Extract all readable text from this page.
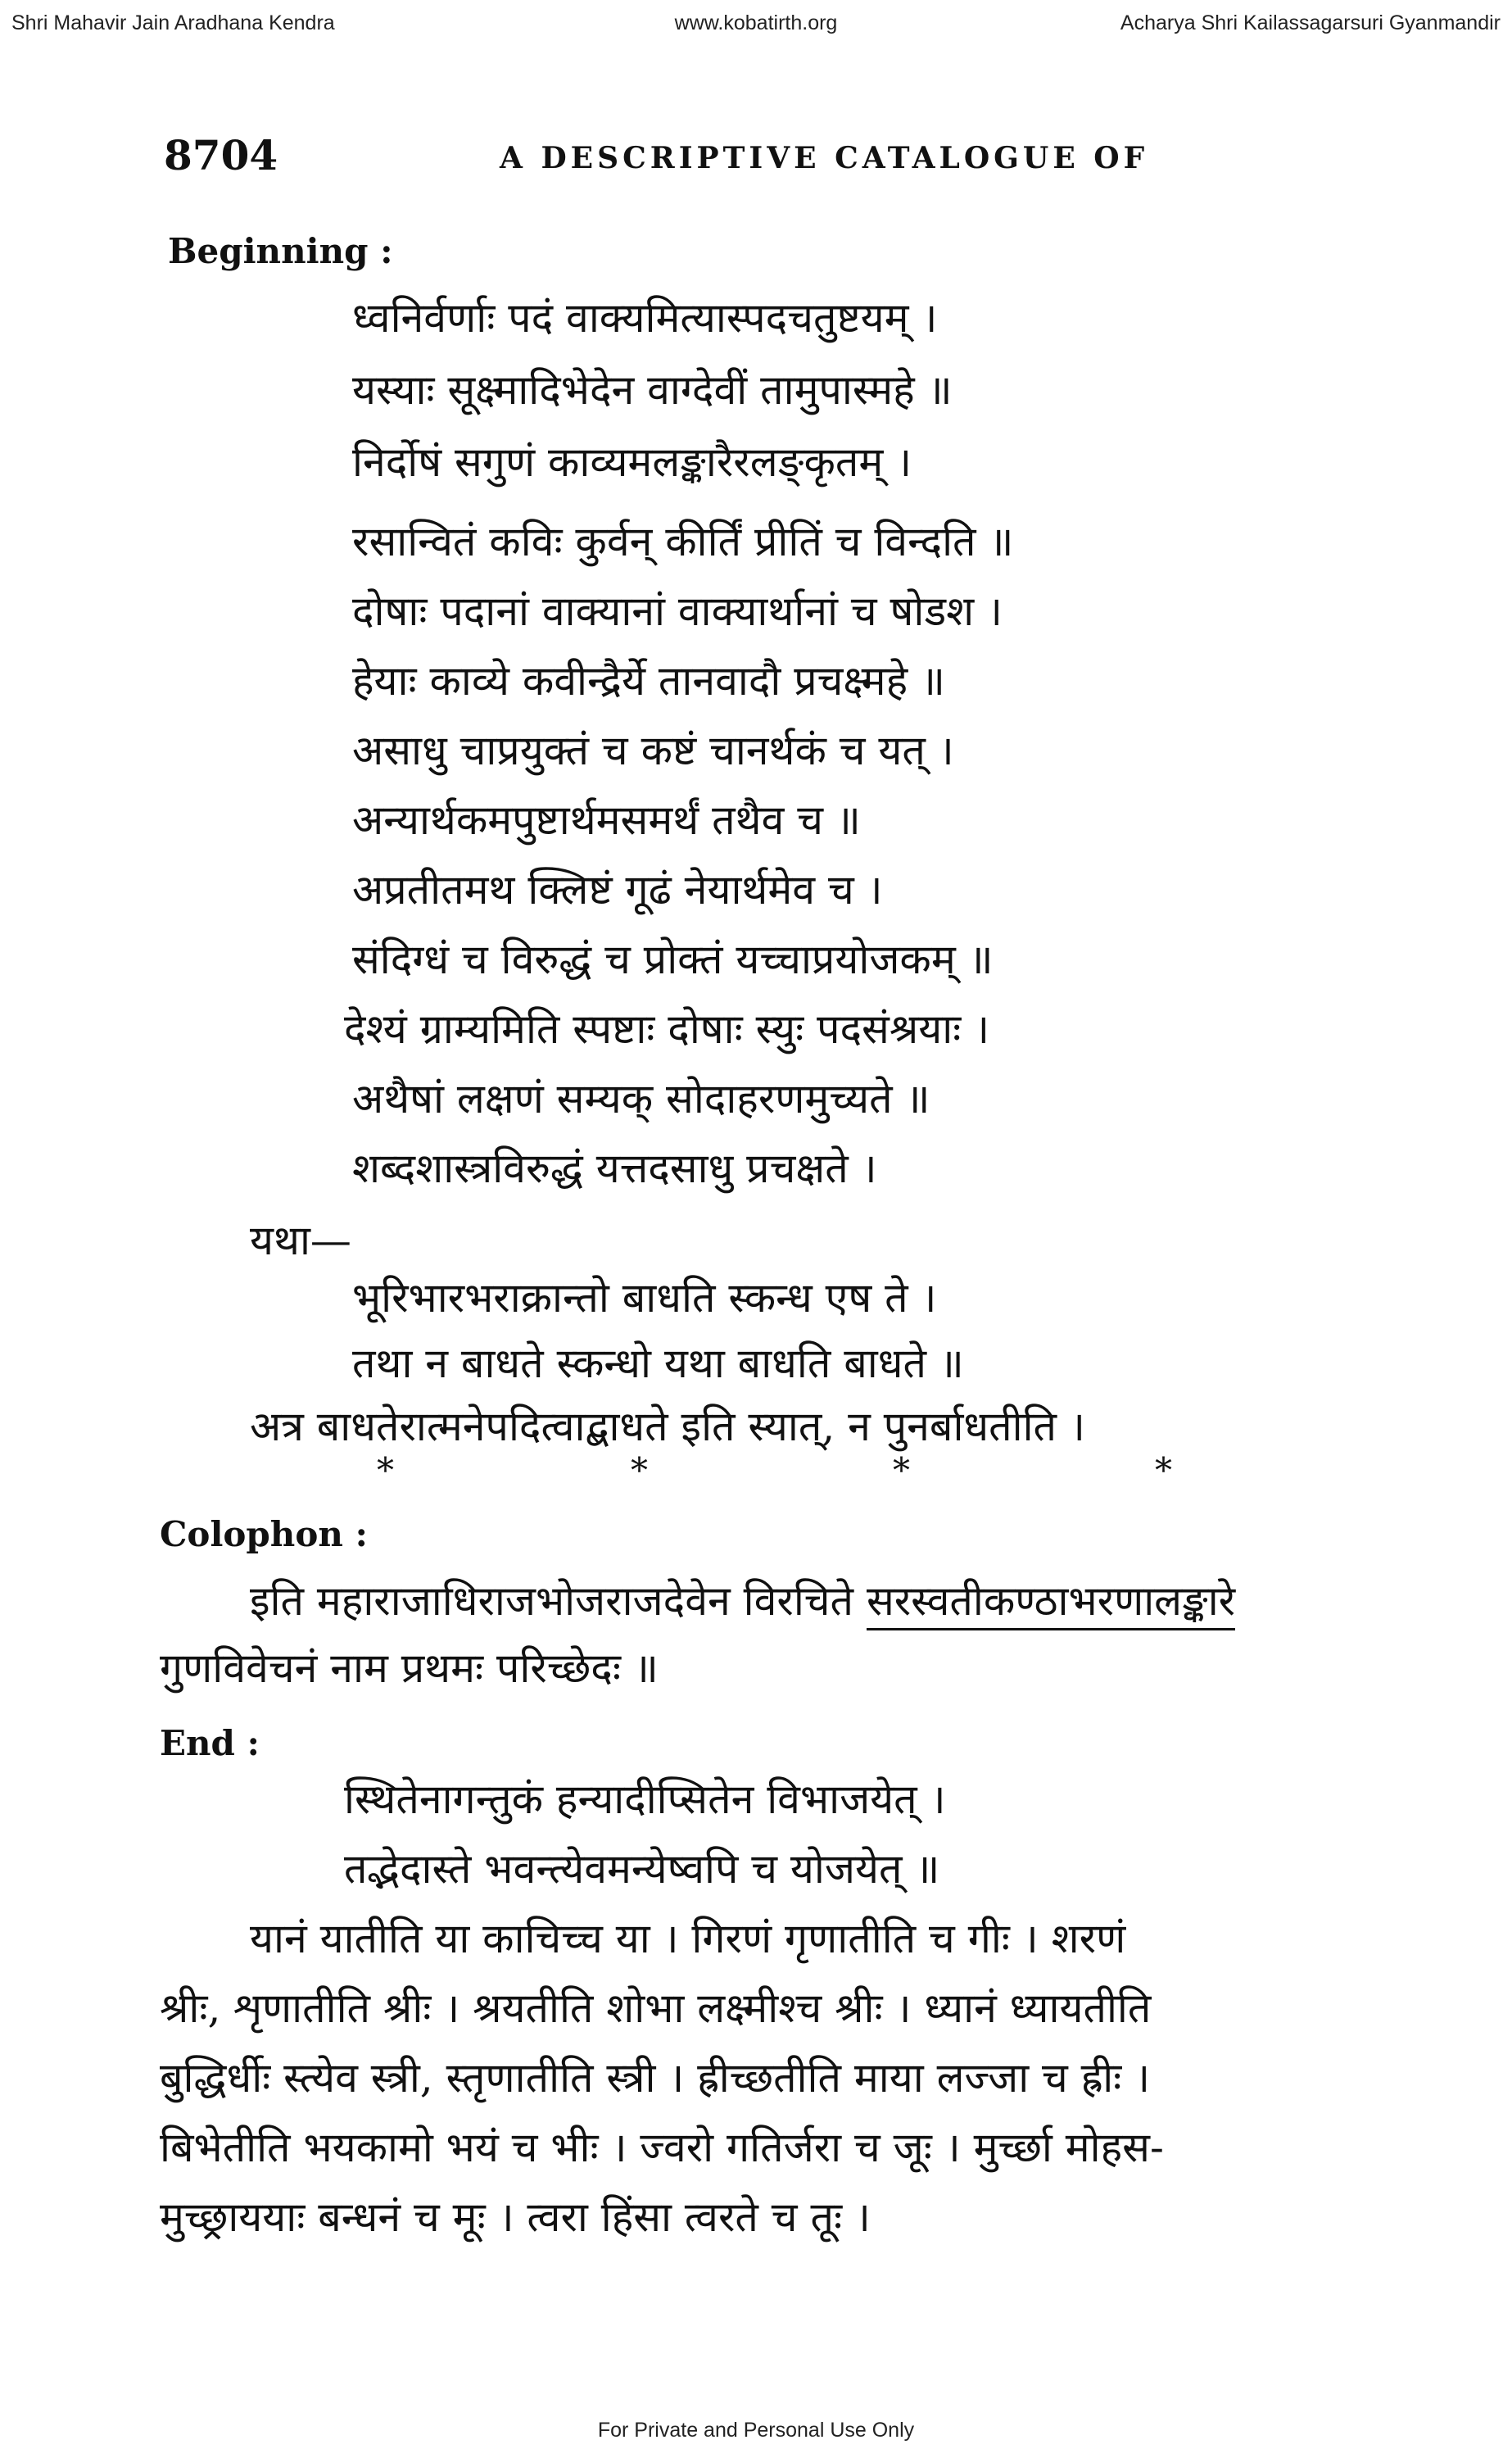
Shri Mahavir Jain Aradhana Kendra	www.kobatirth.org	Acharya Shri Kailassagarsuri Gyanmandir
8704	A DESCRIPTIVE CATALOGUE OF
Beginning :
ध्वनिर्वर्णाः पदं वाक्यमित्यास्पदचतुष्टयम् ।
यस्याः सूक्ष्मादिभेदेन वाग्देवीं तामुपास्महे ॥
निर्दोषं सगुणं काव्यमलङ्कारैरलङ्कृतम् ।
रसान्वितं कविः कुर्वन् कीर्तिं प्रीतिं च विन्दति ॥
दोषाः पदानां वाक्यानां वाक्यार्थानां च षोडश ।
हेयाः काव्ये कवीन्द्रैर्ये तानवादौ प्रचक्ष्महे ॥
असाधु चाप्रयुक्तं च कष्टं चानर्थकं च यत् ।
अन्यार्थकमपुष्टार्थमसमर्थं तथैव च ॥
अप्रतीतमथ क्लिष्टं गूढं नेयार्थमेव च ।
संदिग्धं च विरुद्धं च प्रोक्तं यच्चाप्रयोजकम् ॥
देश्यं ग्राम्यमिति स्पष्टाः दोषाः स्युः पदसंश्रयाः ।
अथैषां लक्षणं सम्यक् सोदाहरणमुच्यते ॥
शब्दशास्त्रविरुद्धं यत्तदसाधु प्रचक्षते ।
यथा—
भूरिभारभराक्रान्तो बाधति स्कन्ध एष ते ।
तथा न बाधते स्कन्धो यथा बाधति बाधते ॥
अत्र बाधतेरात्मनेपदित्वाद्बाधते इति स्यात्, न पुनर्बाधतीति ।
*	*	*	*
Colophon :
इति महाराजाधिराजभोजराजदेवेन विरचिते सरस्वतीकण्ठाभरणालङ्कारे
गुणविवेचनं नाम प्रथमः परिच्छेदः ॥
End :
स्थितेनागन्तुकं हन्यादीप्सितेन विभाजयेत् ।
तद्भेदास्ते भवन्त्येवमन्येष्वपि च योजयेत् ॥
यानं यातीति या काचिच्च या । गिरणं गृणातीति च गीः । शरणं
श्रीः, शृणातीति श्रीः । श्रयतीति शोभा लक्ष्मीश्च श्रीः । ध्यानं ध्यायतीति
बुद्धिर्धीः स्त्येव स्त्री, स्तृणातीति स्त्री । ह्रीच्छतीति माया लज्जा च ह्रीः ।
बिभेतीति भयकामो भयं च भीः । ज्वरो गतिर्जरा च जूः । मुर्च्छा मोहस-
मुच्छ्राययाः बन्धनं च मूः । त्वरा हिंसा त्वरते च तूः ।
For Private and Personal Use Only
